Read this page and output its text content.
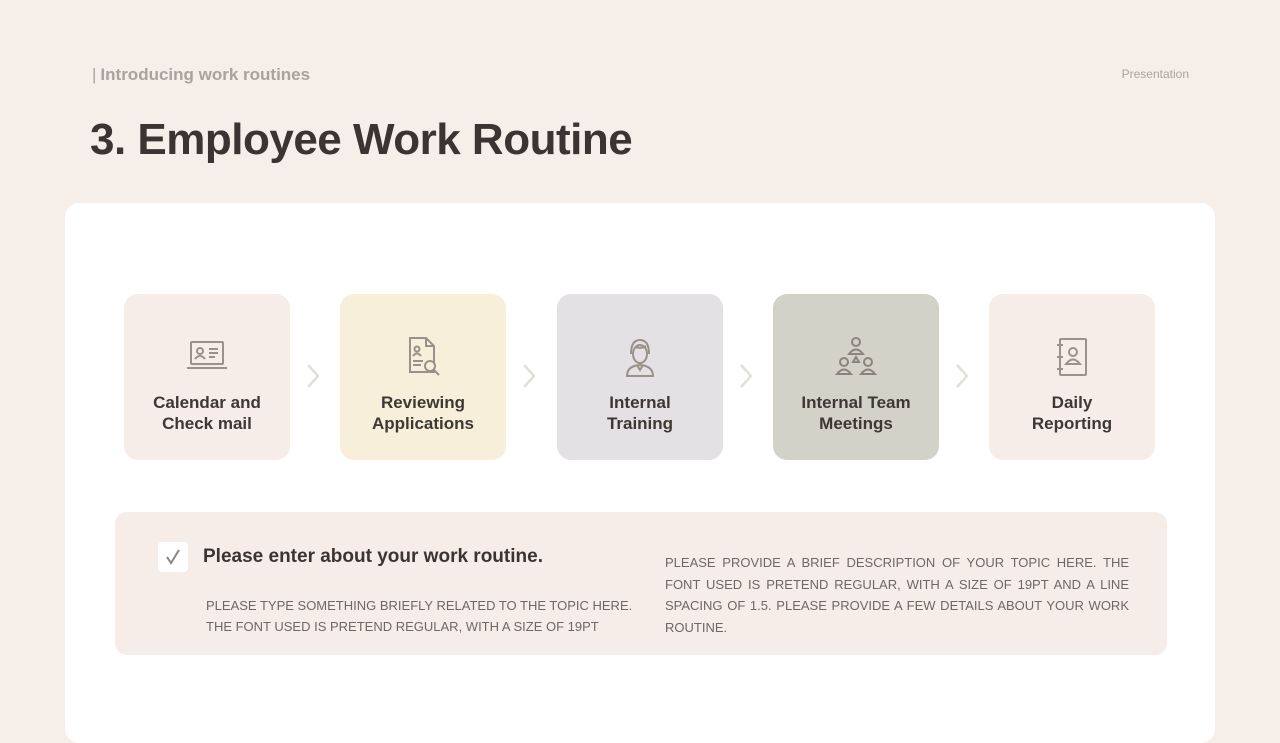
| Introducing work routines	Presentation
3. Employee Work Routine
Calendar and
Check mail
Reviewing
Applications
Internal
Training
Internal Team
Meetings
Daily
Reporting
Please enter about your work routine.
PLEASE TYPE SOMETHING BRIEFLY RELATED TO THE TOPIC HERE. THE FONT USED IS PRETEND REGULAR, WITH A SIZE OF 19PT
PLEASE PROVIDE A BRIEF DESCRIPTION OF YOUR TOPIC HERE. THE FONT USED IS PRETEND REGULAR, WITH A SIZE OF 19PT AND A LINE SPACING OF 1.5. PLEASE PROVIDE A FEW DETAILS ABOUT YOUR WORK ROUTINE.
